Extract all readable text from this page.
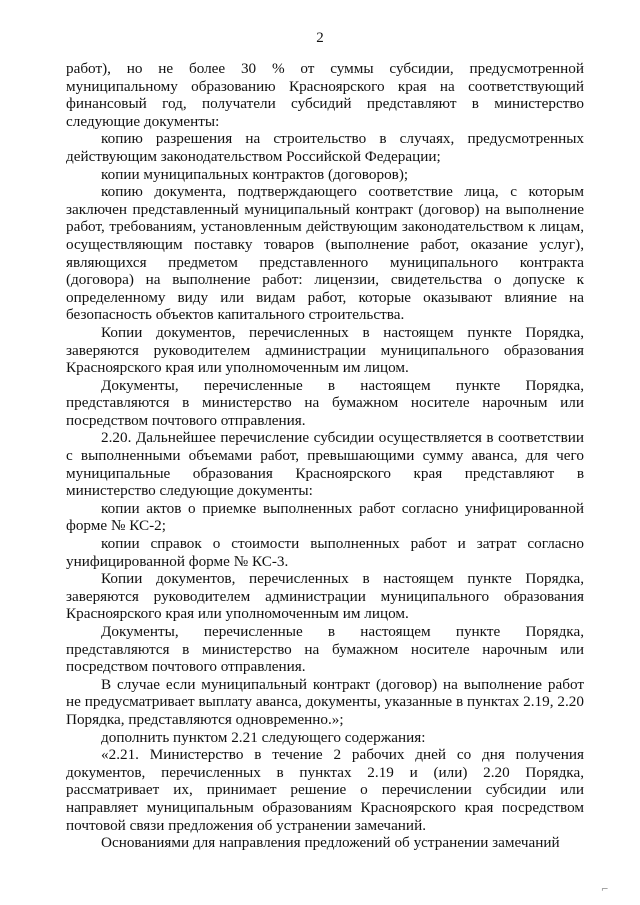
2

работ), но не более 30 % от суммы субсидии, предусмотренной муниципальному образованию Красноярского края на соответствующий финансовый год, получатели субсидий представляют в министерство следующие документы:

копию разрешения на строительство в случаях, предусмотренных действующим законодательством Российской Федерации;

копии муниципальных контрактов (договоров);

копию документа, подтверждающего соответствие лица, с которым заключен представленный муниципальный контракт (договор) на выполнение работ, требованиям, установленным действующим законодательством к лицам, осуществляющим поставку товаров (выполнение работ, оказание услуг), являющихся предметом представленного муниципального контракта (договора) на выполнение работ: лицензии, свидетельства о допуске к определенному виду или видам работ, которые оказывают влияние на безопасность объектов капитального строительства.

Копии документов, перечисленных в настоящем пункте Порядка, заверяются руководителем администрации муниципального образования Красноярского края или уполномоченным им лицом.

Документы, перечисленные в настоящем пункте Порядка, представляются в министерство на бумажном носителе нарочным или посредством почтового отправления.

2.20. Дальнейшее перечисление субсидии осуществляется в соответствии с выполненными объемами работ, превышающими сумму аванса, для чего муниципальные образования Красноярского края представляют в министерство следующие документы:

копии актов о приемке выполненных работ согласно унифицированной форме № КС-2;

копии справок о стоимости выполненных работ и затрат согласно унифицированной форме № КС-3.

Копии документов, перечисленных в настоящем пункте Порядка, заверяются руководителем администрации муниципального образования Красноярского края или уполномоченным им лицом.

Документы, перечисленные в настоящем пункте Порядка, представляются в министерство на бумажном носителе нарочным или посредством почтового отправления.

В случае если муниципальный контракт (договор) на выполнение работ не предусматривает выплату аванса, документы, указанные в пунктах 2.19, 2.20 Порядка, представляются одновременно.»;

дополнить пунктом 2.21 следующего содержания:

«2.21. Министерство в течение 2 рабочих дней со дня получения документов, перечисленных в пунктах 2.19 и (или) 2.20 Порядка, рассматривает их, принимает решение о перечислении субсидии или направляет муниципальным образованиям Красноярского края посредством почтовой связи предложения об устранении замечаний.

Основаниями для направления предложений об устранении замечаний

⌐
